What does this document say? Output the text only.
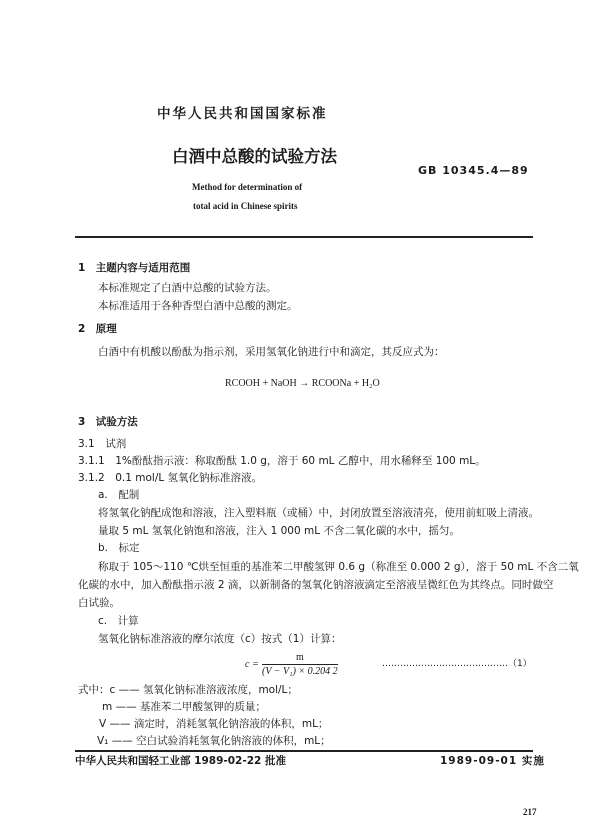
中华人民共和国国家标准
白酒中总酸的试验方法
GB 10345.4—89
Method for determination of
total acid in Chinese spirits
1　主题内容与适用范围
本标准规定了白酒中总酸的试验方法。
本标准适用于各种香型白酒中总酸的测定。
2　原理
白酒中有机酸以酚酞为指示剂，采用氢氧化钠进行中和滴定，其反应式为：
RCOOH + NaOH → RCOONa + H₂O
3　试验方法
3.1　试剂
3.1.1　1%酚酞指示液：称取酚酞 1.0 g，溶于 60 mL 乙醇中，用水稀释至 100 mL。
3.1.2　0.1 mol/L 氢氧化钠标准溶液。
a.　配制
将氢氧化钠配成饱和溶液，注入塑料瓶（或桶）中，封闭放置至溶液清亮，使用前虹吸上清液。
量取 5 mL 氢氧化钠饱和溶液，注入 1 000 mL 不含二氧化碳的水中，摇匀。
b.　标定
称取于 105～110 ℃烘至恒重的基准苯二甲酸氢钾 0.6 g（称准至 0.000 2 g），溶于 50 mL 不含二氧
化碳的水中，加入酚酞指示液 2 滴，以新制备的氢氧化钠溶液滴定至溶液呈微红色为其终点。同时做空
白试验。
c.　计算
氢氧化钠标准溶液的摩尔浓度（c）按式（1）计算：
$c = \frac{m}{\text{(V − V₁) × 0.204 2}}$	……………………………………（1）
式中：c —— 氢氧化钠标准溶液浓度，mol/L；
m —— 基准苯二甲酸氢钾的质量；
V —— 滴定时，消耗氢氧化钠溶液的体积，mL；
V₁ —— 空白试验消耗氢氧化钠溶液的体积，mL；
中华人民共和国轻工业部 1989-02-22 批准	1989-09-01 实施
217
